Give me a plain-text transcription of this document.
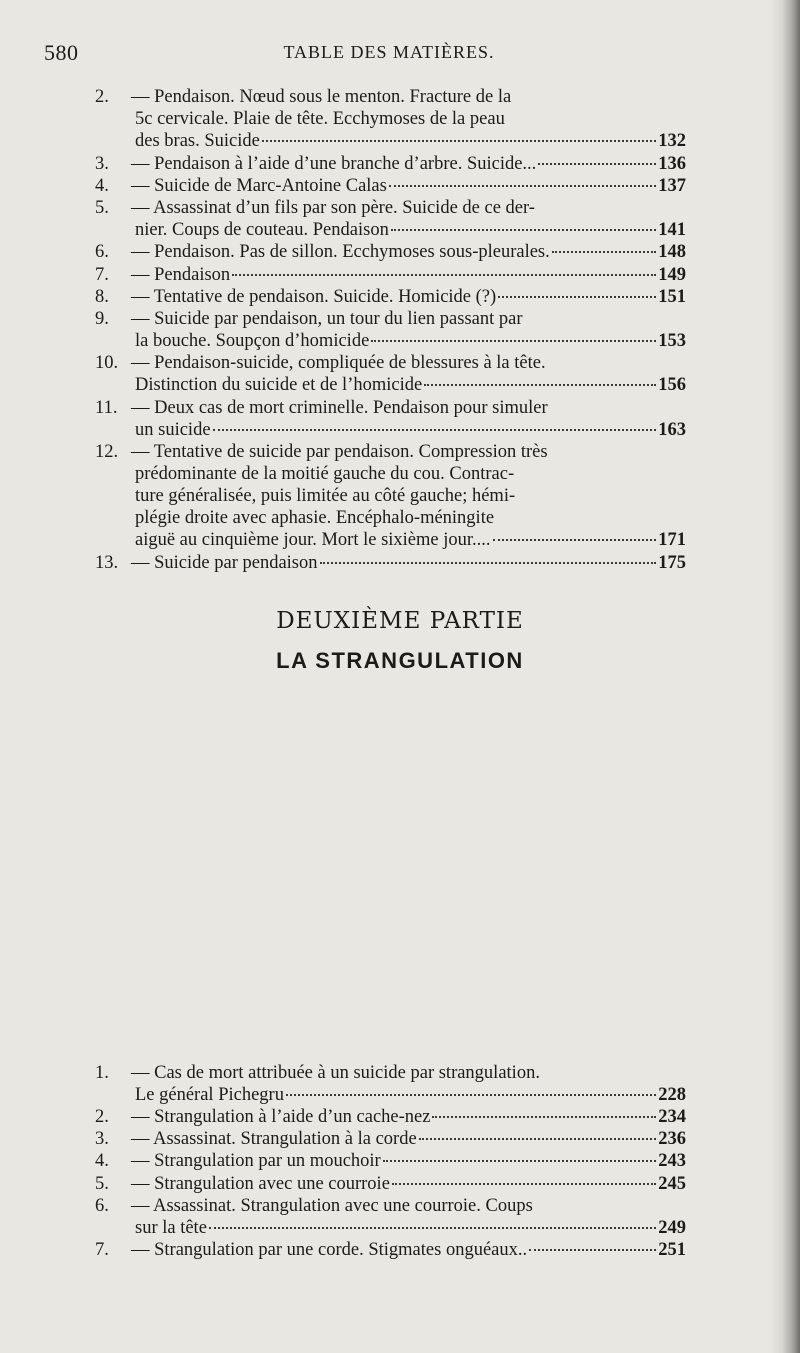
580	TABLE DES MATIÈRES.
2.	— Pendaison. Nœud sous le menton. Fracture de la
5c cervicale. Plaie de tête. Ecchymoses de la peau
des bras. Suicide	132
3.	— Pendaison à l’aide d’une branche d’arbre. Suicide...	136
4.	— Suicide de Marc-Antoine Calas	137
5.	— Assassinat d’un fils par son père. Suicide de ce der-
nier. Coups de couteau. Pendaison	141
6.	— Pendaison. Pas de sillon. Ecchymoses sous-pleurales.	148
7.	— Pendaison	149
8.	— Tentative de pendaison. Suicide. Homicide (?)	151
9.	— Suicide par pendaison, un tour du lien passant par
la bouche. Soupçon d’homicide	153
10. — Pendaison-suicide, compliquée de blessures à la tête.
Distinction du suicide et de l’homicide	156
11. — Deux cas de mort criminelle. Pendaison pour simuler
un suicide	163
12. — Tentative de suicide par pendaison. Compression très
prédominante de la moitié gauche du cou. Contrac-
ture généralisée, puis limitée au côté gauche; hémi-
plégie droite avec aphasie. Encéphalo-méningite
aiguë au cinquième jour. Mort le sixième jour....	171
13. — Suicide par pendaison	175
DEUXIÈME PARTIE
LA STRANGULATION
1.	— Cas de mort attribuée à un suicide par strangulation.
Le général Pichegru	228
2.	— Strangulation à l’aide d’un cache-nez	234
3.	— Assassinat. Strangulation à la corde	236
4.	— Strangulation par un mouchoir	243
5.	— Strangulation avec une courroie	245
6.	— Assassinat. Strangulation avec une courroie. Coups
sur la tête	249
7.	— Strangulation par une corde. Stigmates onguéaux..	251
